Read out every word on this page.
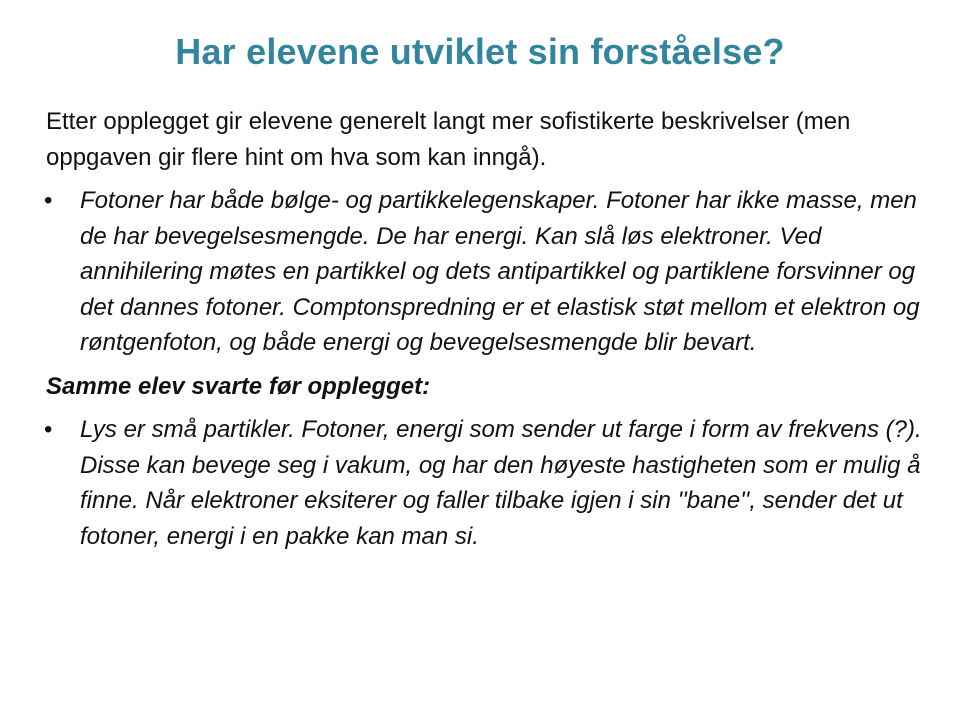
Har elevene utviklet sin forståelse?

Etter opplegget gir elevene generelt langt mer sofistikerte beskrivelser (men oppgaven gir flere hint om hva som kan inngå).

• Fotoner har både bølge- og partikkelegenskaper. Fotoner har ikke masse, men de har bevegelsesmengde. De har energi. Kan slå løs elektroner. Ved annihilering møtes en partikkel og dets antipartikkel og partiklene forsvinner og det dannes fotoner. Comptonspredning er et elastisk støt mellom et elektron og røntgenfoton, og både energi og bevegelsesmengde blir bevart.

Samme elev svarte før opplegget:

• Lys er små partikler. Fotoner, energi som sender ut farge i form av frekvens (?). Disse kan bevege seg i vakum, og har den høyeste hastigheten som er mulig å finne. Når elektroner eksiterer og faller tilbake igjen i sin ''bane'', sender det ut fotoner, energi i en pakke kan man si.
